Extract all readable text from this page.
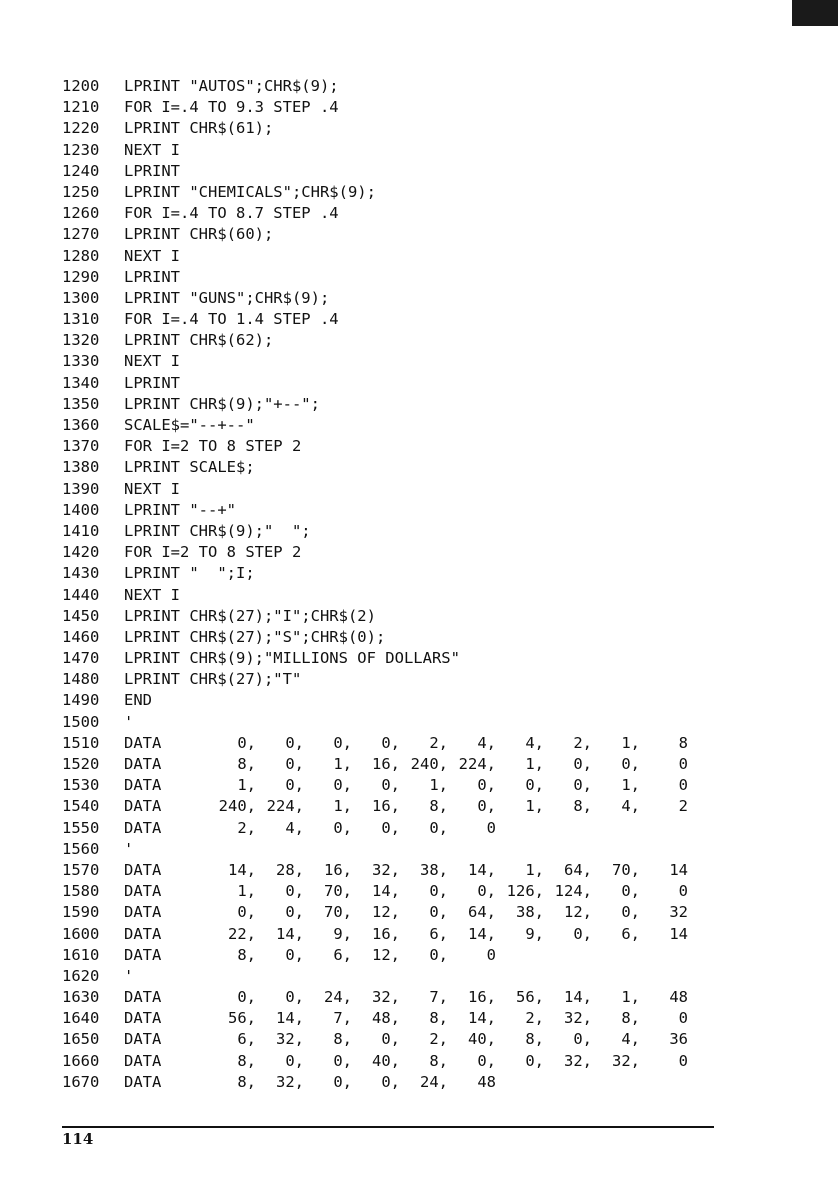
1200	LPRINT "AUTOS";CHR$(9);
1210	FOR I=.4 TO 9.3 STEP .4
1220	LPRINT CHR$(61);
1230	NEXT I
1240	LPRINT
1250	LPRINT "CHEMICALS";CHR$(9);
1260	FOR I=.4 TO 8.7 STEP .4
1270	LPRINT CHR$(60);
1280	NEXT I
1290	LPRINT
1300	LPRINT "GUNS";CHR$(9);
1310	FOR I=.4 TO 1.4 STEP .4
1320	LPRINT CHR$(62);
1330	NEXT I
1340	LPRINT
1350	LPRINT CHR$(9);"+--";
1360	SCALE$="--+--"
1370	FOR I=2 TO 8 STEP 2
1380	LPRINT SCALE$;
1390	NEXT I
1400	LPRINT "--+"
1410	LPRINT CHR$(9);"  ";
1420	FOR I=2 TO 8 STEP 2
1430	LPRINT "  ";I;
1440	NEXT I
1450	LPRINT CHR$(27);"I";CHR$(2)
1460	LPRINT CHR$(27);"S";CHR$(0);
1470	LPRINT CHR$(9);"MILLIONS OF DOLLARS"
1480	LPRINT CHR$(27);"T"
1490	END
1500	'
1510	DATA	0,	0,	0,	0,	2,	4,	4,	2,	1,	8
1520	DATA	8,	0,	1,	16, 240, 224,	1,	0,	0,	0
1530	DATA	1,	0,	0,	0,	1,	0,	0,	0,	1,	0
1540	DATA	240, 224,	1,	16,	8,	0,	1,	8,	4,	2
1550	DATA	2,	4,	0,	0,	0,	0
1560	'
1570	DATA	14,	28,	16,	32,	38,	14,	1,	64,	70,	14
1580	DATA	1,	0,	70,	14,	0,	0, 126, 124,	0,	0
1590	DATA	0,	0,	70,	12,	0,	64,	38,	12,	0,	32
1600	DATA	22,	14,	9,	16,	6,	14,	9,	0,	6,	14
1610	DATA	8,	0,	6,	12,	0,	0
1620	'
1630	DATA	0,	0,	24,	32,	7,	16,	56,	14,	1,	48
1640	DATA	56,	14,	7,	48,	8,	14,	2,	32,	8,	0
1650	DATA	6,	32,	8,	0,	2,	40,	8,	0,	4,	36
1660	DATA	8,	0,	0,	40,	8,	0,	0,	32,	32,	0
1670	DATA	8,	32,	0,	0,	24,	48
114
